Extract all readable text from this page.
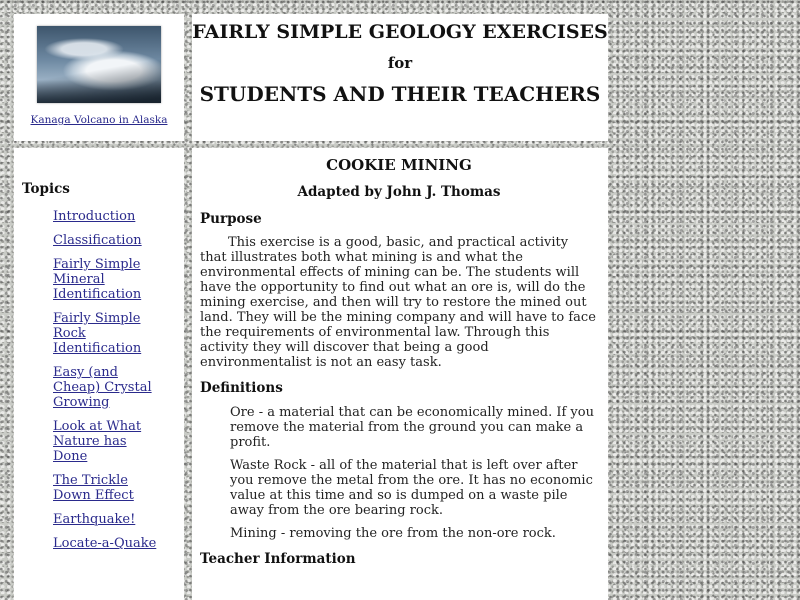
Kanaga Volcano in Alaska
FAIRLY SIMPLE GEOLOGY EXERCISES
for
STUDENTS AND THEIR TEACHERS
Topics
Introduction
Classification
Fairly Simple Mineral Identification
Fairly Simple Rock Identification
Easy (and Cheap) Crystal Growing
Look at What Nature has Done
The Trickle Down Effect
Earthquake!
Locate-a-Quake
COOKIE MINING
Adapted by John J. Thomas
Purpose

This exercise is a good, basic, and practical activity that illustrates both what mining is and what the environmental effects of mining can be. The students will have the opportunity to find out what an ore is, will do the mining exercise, and then will try to restore the mined out land. They will be the mining company and will have to face the requirements of environmental law. Through this activity they will discover that being a good environmentalist is not an easy task.

Definitions

Ore - a material that can be economically mined. If you remove the material from the ground you can make a profit.

Waste Rock - all of the material that is left over after you remove the metal from the ore. It has no economic value at this time and so is dumped on a waste pile away from the ore bearing rock.

Mining - removing the ore from the non-ore rock.

Teacher Information
